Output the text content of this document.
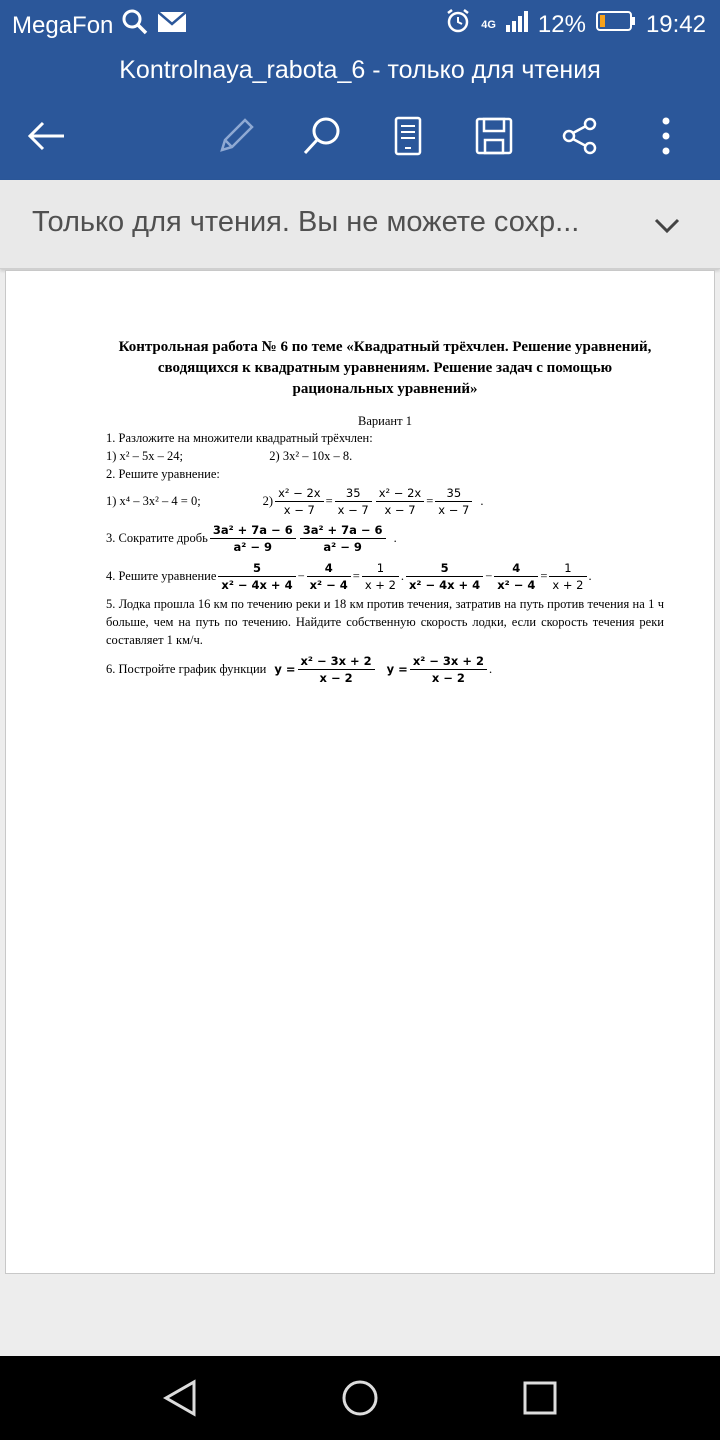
MegaFon	4G 12%	19:42
Kontrolnaya_rabota_6 - только для чтения
Только для чтения. Вы не можете сохр...
Контрольная работа № 6 по теме «Квадратный трёхчлен. Решение уравнений, сводящихся к квадратным уравнениям. Решение задач с помощью рациональных уравнений»
Вариант 1
1. Разложите на множители квадратный трёхчлен:
1) x² – 5x – 24;	2) 3x² – 10x – 8.
2. Решите уравнение:
1) x⁴ – 3x² – 4 = 0;	$2) \frac{\text{x² − 2x}}{x - 7} = \frac{35}{x - 7} \frac{\text{x² − 2x}}{x - 7} = \frac{35}{x - 7}$ .
3. Сократите дробь $\frac{\text{3a² + 7a − 6}}{\text{a² − 9}} \frac{\text{3a² + 7a − 6}}{\text{a² − 9}}$ .
4. Решите уравнение $\frac{5}{\text{x² − 4x + 4}} - \frac{4}{\text{x² − 4}} = \frac{1}{x + 2}$ . $\frac{5}{\text{x² − 4x + 4}} - \frac{4}{\text{x² − 4}} = \frac{1}{x + 2}$ .
5. Лодка прошла 16 км по течению реки и 18 км против течения, затратив на путь против течения на 1 ч больше, чем на путь по течению. Найдите собственную скорость лодки, если скорость течения реки составляет 1 км/ч.
6. Постройте график функции $y = \frac{\text{x² − 3x + 2}}{x - 2}$ $y = \frac{\text{x² − 3x + 2}}{x - 2}$ .
